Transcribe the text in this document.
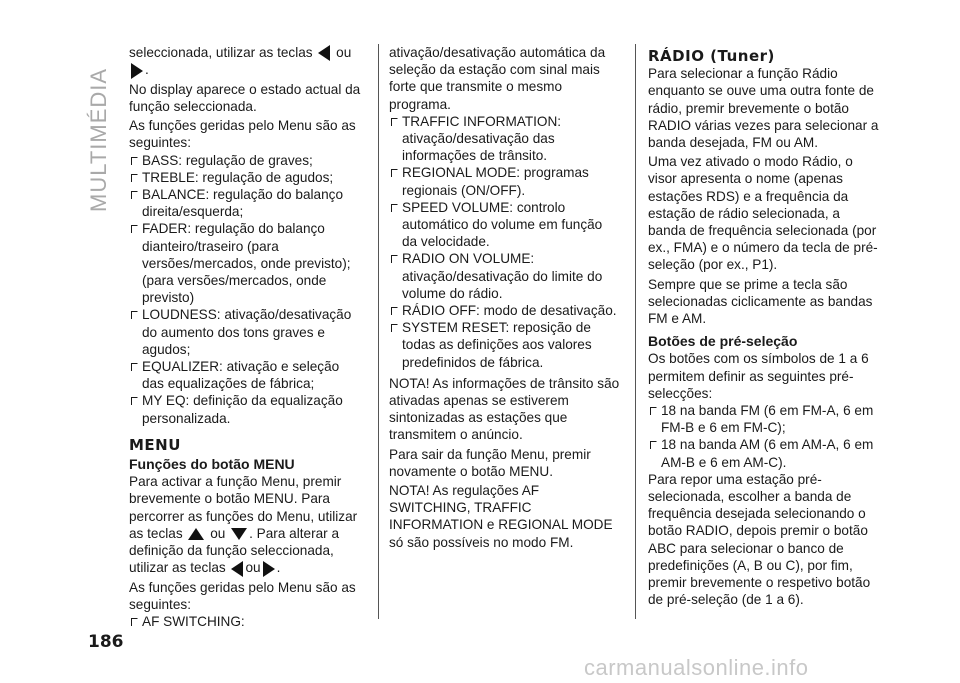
MULTIMÉDIA

seleccionada, utilizar as teclas ou
.

No display aparece o estado actual da função seleccionada.

As funções geridas pelo Menu são as seguintes:

BASS: regulação de graves;
TREBLE: regulação de agudos;
BALANCE: regulação do balanço direita/esquerda;
FADER: regulação do balanço dianteiro/traseiro (para versões/mercados, onde previsto);(para versões/mercados, onde previsto)
LOUDNESS: ativação/desativação do aumento dos tons graves e agudos;
EQUALIZER: ativação e seleção das equalizações de fábrica;
MY EQ: definição da equalização personalizada.
MENU
Funções do botão MENU

Para activar a função Menu, premir brevemente o botão MENU. Para percorrer as funções do Menu, utilizar

as teclas ou . Para alterar a definição da função seleccionada,

utilizar as teclas ou .

As funções geridas pelo Menu são as seguintes:

AF SWITCHING:

ativação/desativação automática da seleção da estação com sinal mais forte que transmite o mesmo programa.

TRAFFIC INFORMATION: ativação/desativação das informações de trânsito.
REGIONAL MODE: programas regionais (ON/OFF).
SPEED VOLUME: controlo automático do volume em função da velocidade.
RADIO ON VOLUME: ativação/desativação do limite do volume do rádio.
RÁDIO OFF: modo de desativação.
SYSTEM RESET: reposição de todas as definições aos valores predefinidos de fábrica.

NOTA! As informações de trânsito são ativadas apenas se estiverem sintonizadas as estações que transmitem o anúncio.

Para sair da função Menu, premir novamente o botão MENU.

NOTA! As regulações AF SWITCHING, TRAFFIC INFORMATION e REGIONAL MODE só são possíveis no modo FM.

RÁDIO (Tuner)

Para selecionar a função Rádio enquanto se ouve uma outra fonte de rádio, premir brevemente o botão RADIO várias vezes para selecionar a banda desejada, FM ou AM.

Uma vez ativado o modo Rádio, o visor apresenta o nome (apenas estações RDS) e a frequência da estação de rádio selecionada, a banda de frequência selecionada (por ex., FMA) e o número da tecla de pré-seleção (por ex., P1).

Sempre que se prime a tecla são selecionadas ciclicamente as bandas FM e AM.

Botões de pré-seleção

Os botões com os símbolos de 1 a 6 permitem definir as seguintes pré-selecções:

18 na banda FM (6 em FM-A, 6 em FM-B e 6 em FM-C);
18 na banda AM (6 em AM-A, 6 em AM-B e 6 em AM-C).

Para repor uma estação pré-selecionada, escolher a banda de frequência desejada selecionando o botão RADIO, depois premir o botão ABC para selecionar o banco de predefinições (A, B ou C), por fim, premir brevemente o respetivo botão de pré-seleção (de 1 a 6).

186
carmanualsonline.info
